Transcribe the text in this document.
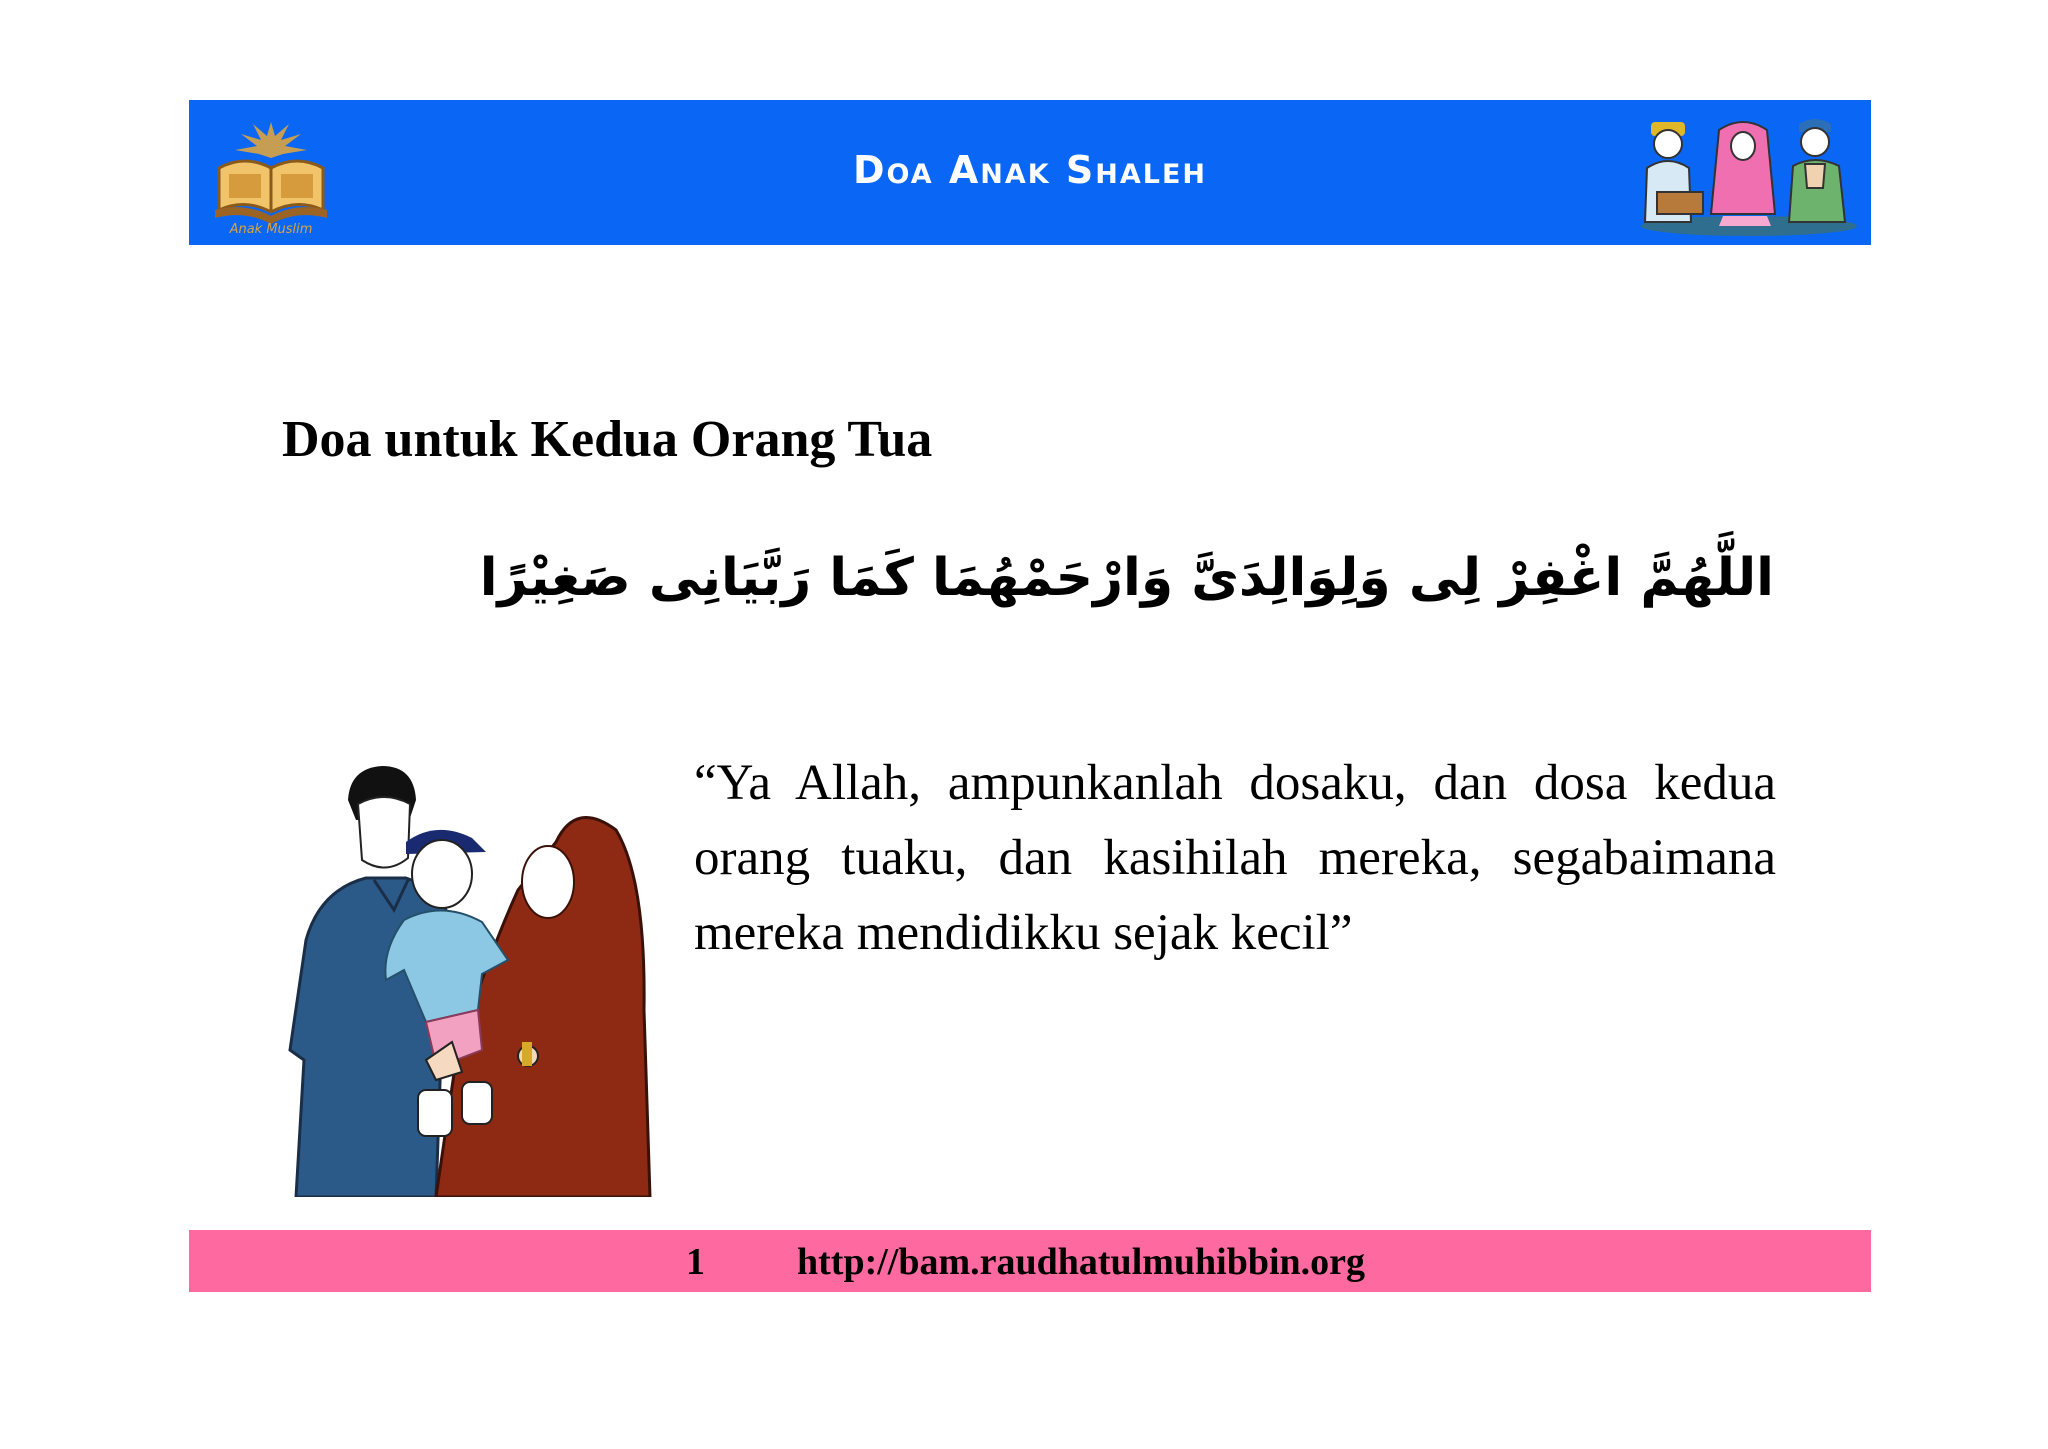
Anak Muslim
Doa Anak Shaleh
Doa untuk Kedua Orang Tua
اللَّهُمَّ اغْفِرْ لِى وَلِوَالِدَىَّ وَارْحَمْهُمَا كَمَا رَبَّيَانِى صَغِيْرًا
“Ya Allah, ampunkanlah dosaku, dan dosa kedua orang tuaku, dan kasihilah mereka, segabaimana mereka mendidikku sejak kecil”
1 http://bam.raudhatulmuhibbin.org
